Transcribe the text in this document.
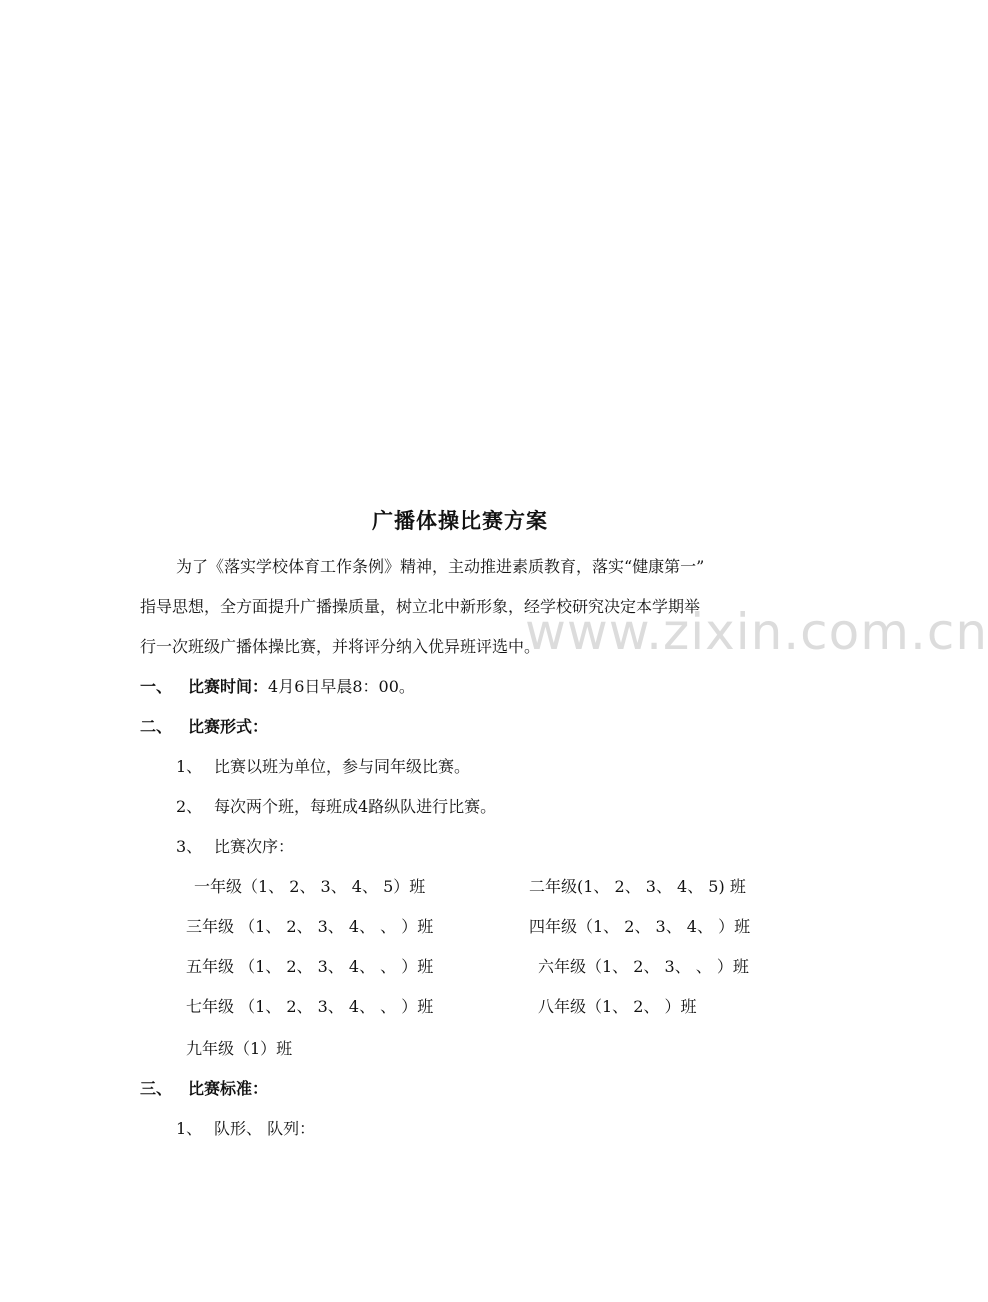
www.zixin.com.cn
广播体操比赛方案
为了《落实学校体育工作条例》精神，主动推进素质教育，落实“健康第一”
指导思想，全方面提升广播操质量，树立北中新形象，经学校研究决定本学期举
行一次班级广播体操比赛，并将评分纳入优异班评选中。
一、 比赛时间：4月6日早晨8：00。
二、 比赛形式：
1、 比赛以班为单位，参与同年级比赛。
2、 每次两个班，每班成4路纵队进行比赛。
3、 比赛次序：
一年级（1、 2、 3、 4、 5）班	二年级(1、 2、 3、 4、 5) 班
三年级 （1、 2、 3、 4、 、 ）班	四年级（1、 2、 3、 4、 ）班
五年级 （1、 2、 3、 4、 、 ）班	六年级（1、 2、 3、 、 ）班
七年级 （1、 2、 3、 4、 、 ）班	八年级（1、 2、 ）班
九年级（1）班
三、 比赛标准：
1、 队形、 队列：
